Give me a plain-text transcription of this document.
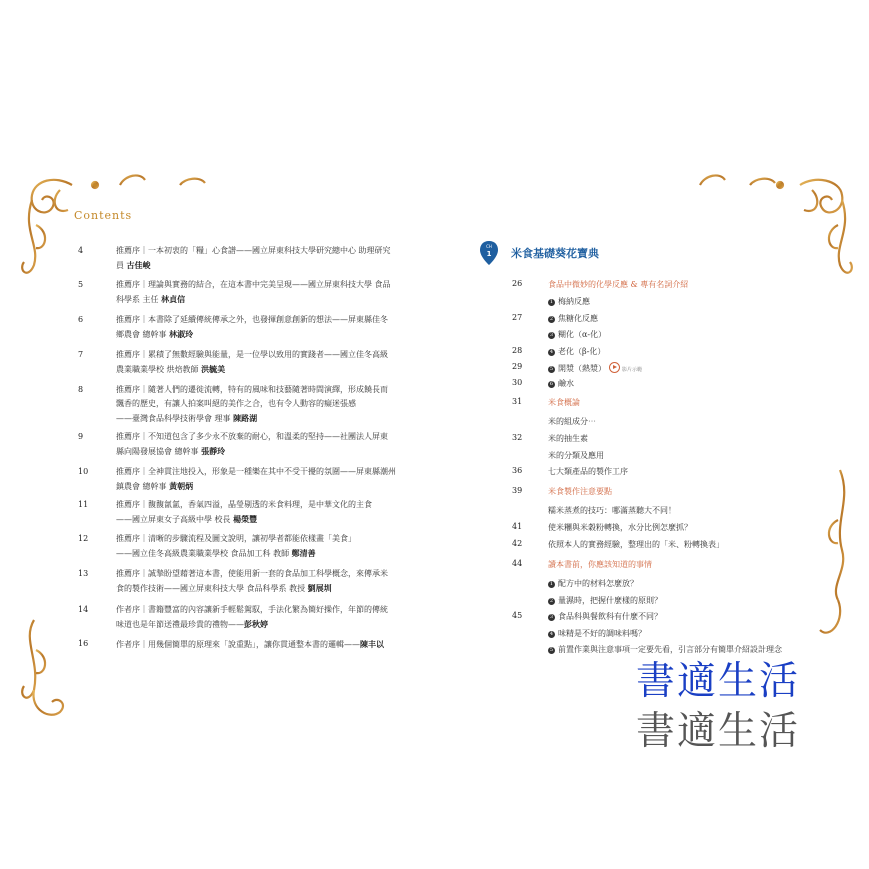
Contents
4	推薦序｜一本初衷的「糧」心食譜——國立屏東科技大學研究總中心 助理研究
員 古佳峻
5	推薦序｜理論與實務的結合，在這本書中完美呈現——國立屏東科技大學 食品
科學系 主任 林貞信
6	推薦序｜本書除了延續傳統傳承之外，也發揮創意創新的想法——屏東縣佳冬
鄉農會 總幹事 林淑玲
7	推薦序｜累積了無數經驗與能量，是一位學以致用的實踐者——國立佳冬高級
農業職業學校 烘焙教師 洪毓美
8	推薦序｜隨著人們的遷徙流轉，特有的風味和技藝隨著時間演繹，形成饒長而
飄香的歷史，有讓人拍案叫絕的美作之合，也有令人動容的癡迷張感
——臺灣食品科學技術學會 理事 陳路湖
9	推薦序｜不知道包含了多少永不放棄的耐心，和溫柔的堅持——社團法人屏東
縣向陽發展協會 總幹事 張靜玲
10	推薦序｜全神貫注地投入，形象是一種樂在其中不受干擾的氛圍——屏東縣潮州
鎮農會 總幹事 黃朝炳
11	推薦序｜馥馥氤氳，香氣四溢，晶瑩剔透的米食料理，是中華文化的主食
——國立屏東女子高級中學 校長 楊榮豐
12	推薦序｜清晰的步驟流程及圖文說明，讓初學者都能依樣畫「美食」
——國立佳冬高級農業職業學校 食品加工科 教師 鄭清善
13	推薦序｜誠摯盼望藉著這本書，使能用新一套的食品加工科學概念，來傳承米
食的製作技術——國立屏東科技大學 食品科學系 教授 劉展圳
14	作者序｜書籍豐富的內容讓新手輕鬆駕馭，手法化繁為簡好操作，年節的傳統
味道也是年節送禮最珍貴的禮物——彭秋婷
16	作者序｜用幾個簡單的原理來「說重點」，讓你貫通整本書的邏輯——陳丰以
CH
1 米食基礎葵花寶典
26	食品中微妙的化學反應 & 專有名詞介紹
1 梅納反應
27	2 焦糖化反應
3 糊化（α-化）
28	4 老化（β-化）
29	5 開漿（熱漿）	影片示範
30	6 鹼水
31	米食概論
米的組成分⋯
32	米的抽生素
米的分類及應用
36	七大類產品的製作工序
39	米食製作注意要點
糯米蒸煮的技巧：哪滿蒸聽大不同！
41	使米糰與米穀粉轉換，水分比例怎麼抓？
42	依照本人的實務經驗，整理出的「米、粉轉換表」
44	讀本書前，你應該知道的事情
1 配方中的材料怎麼放？
2 量濕時，把握什麼樣的原則？
45	3 食品科與餐飲科有什麼不同？
4 味精是不好的調味料嗎？
5 前置作業與注意事項一定要先看，引言部分有簡單介紹設計理念
書適生活
書適生活
